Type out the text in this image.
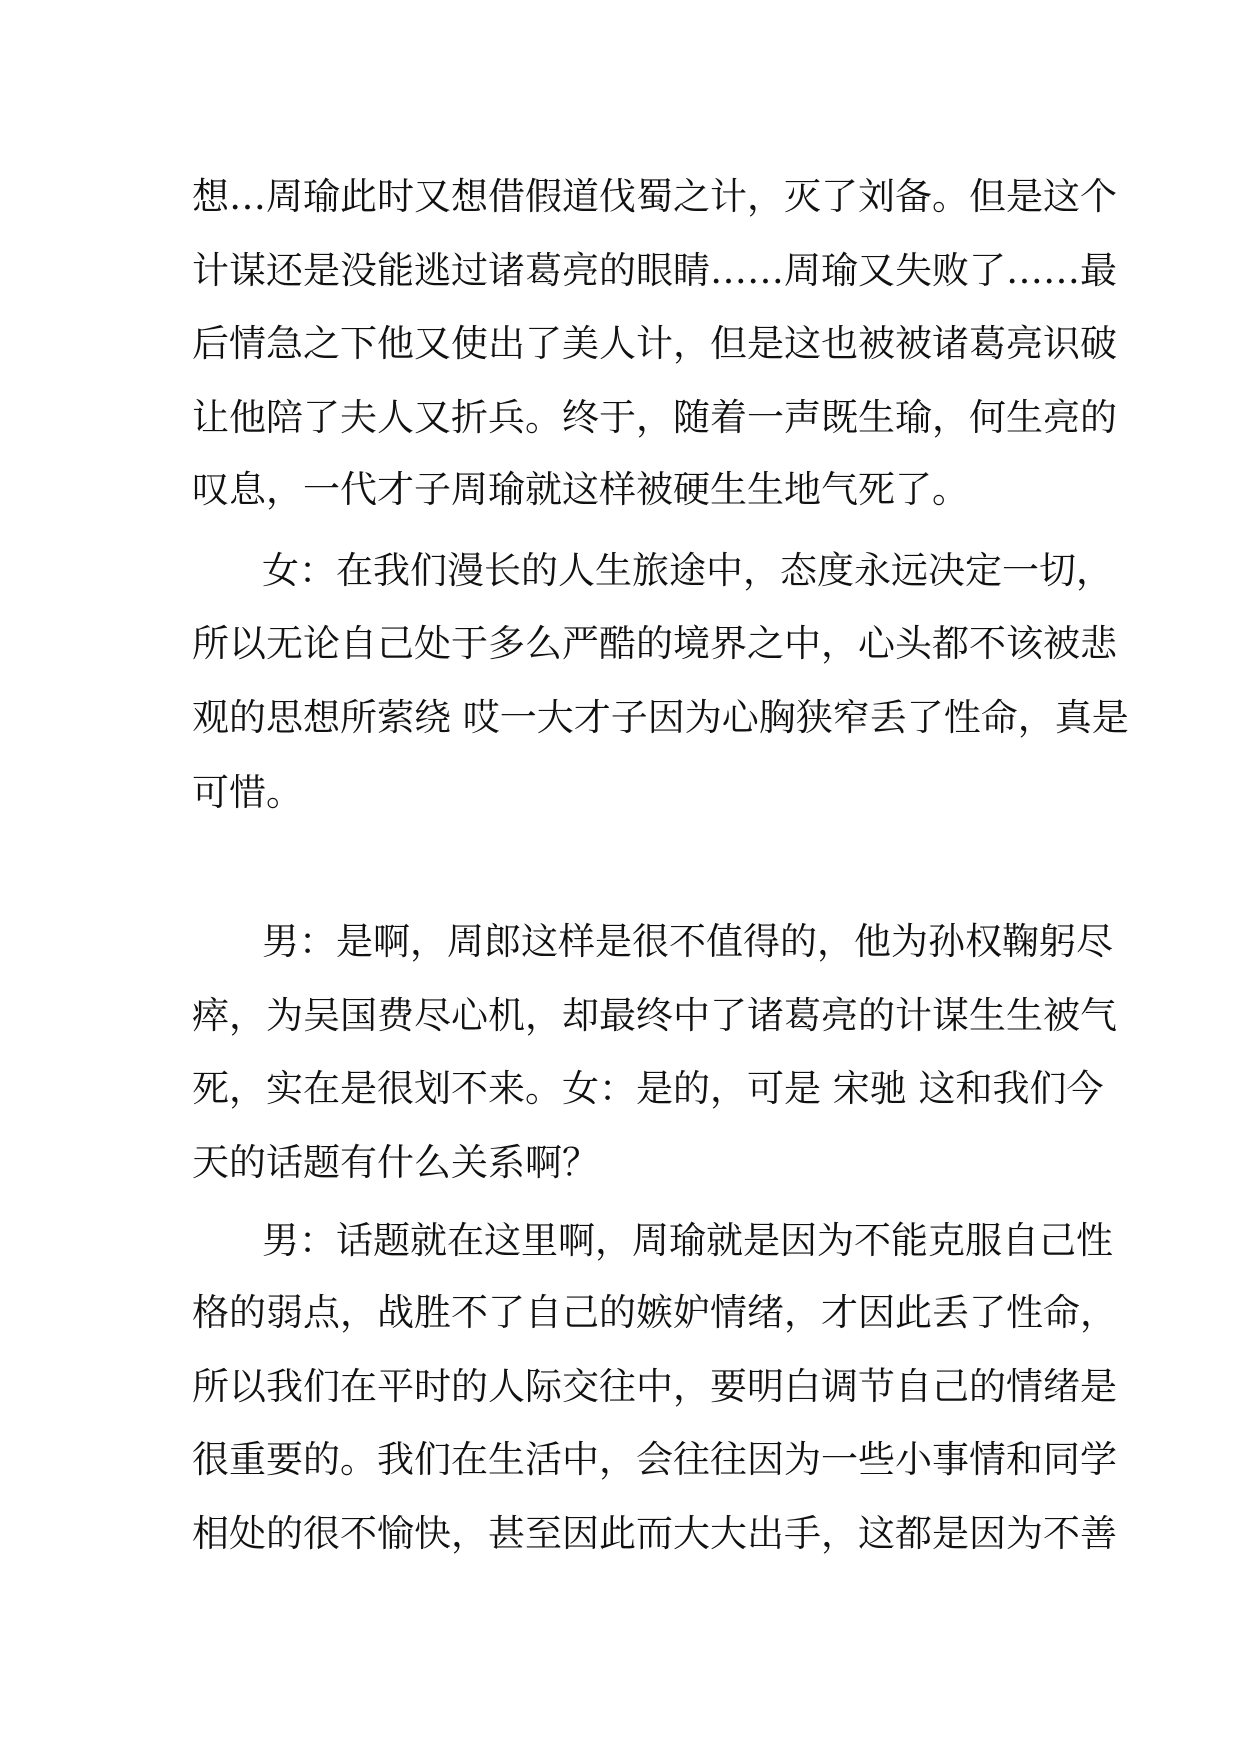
想…周瑜此时又想借假道伐蜀之计，灭了刘备。但是这个

计谋还是没能逃过诸葛亮的眼睛……周瑜又失败了……最

后情急之下他又使出了美人计，但是这也被被诸葛亮识破

让他陪了夫人又折兵。终于，随着一声既生瑜，何生亮的

叹息，一代才子周瑜就这样被硬生生地气死了。

女：在我们漫长的人生旅途中，态度永远决定一切，

所以无论自己处于多么严酷的境界之中，心头都不该被悲

观的思想所萦绕 哎一大才子因为心胸狭窄丢了性命，真是

可惜。

男：是啊，周郎这样是很不值得的，他为孙权鞠躬尽

瘁，为吴国费尽心机，却最终中了诸葛亮的计谋生生被气

死，实在是很划不来。女：是的，可是 宋驰 这和我们今

天的话题有什么关系啊？

男：话题就在这里啊，周瑜就是因为不能克服自己性

格的弱点，战胜不了自己的嫉妒情绪，才因此丢了性命，

所以我们在平时的人际交往中，要明白调节自己的情绪是

很重要的。我们在生活中，会往往因为一些小事情和同学

相处的很不愉快，甚至因此而大大出手，这都是因为不善
